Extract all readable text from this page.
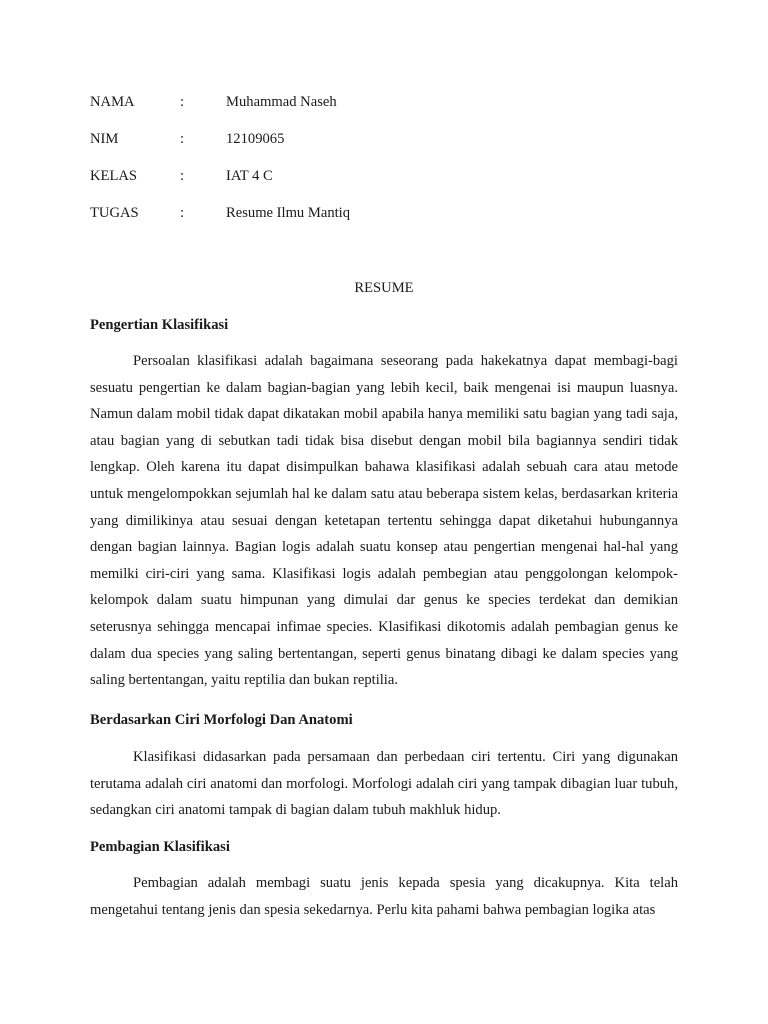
NAMA	:	Muhammad Naseh
NIM	:	12109065
KELAS	:	IAT 4 C
TUGAS	:	Resume Ilmu Mantiq
RESUME
Pengertian Klasifikasi

Persoalan klasifikasi adalah bagaimana seseorang pada hakekatnya dapat membagi-bagi sesuatu pengertian ke dalam bagian-bagian yang lebih kecil, baik mengenai isi maupun luasnya. Namun dalam mobil tidak dapat dikatakan mobil apabila hanya memiliki satu bagian yang tadi saja, atau bagian yang di sebutkan tadi tidak bisa disebut dengan mobil bila bagiannya sendiri tidak lengkap. Oleh karena itu dapat disimpulkan bahawa klasifikasi adalah sebuah cara atau metode untuk mengelompokkan sejumlah hal ke dalam satu atau beberapa sistem kelas, berdasarkan kriteria yang dimilikinya atau sesuai dengan ketetapan tertentu sehingga dapat diketahui hubungannya dengan bagian lainnya. Bagian logis adalah suatu konsep atau pengertian mengenai hal-hal yang memilki ciri-ciri yang sama. Klasifikasi logis adalah pembegian atau penggolongan kelompok-kelompok dalam suatu himpunan yang dimulai dar genus ke species terdekat dan demikian seterusnya sehingga mencapai infimae species. Klasifikasi dikotomis adalah pembagian genus ke dalam dua species yang saling bertentangan, seperti genus binatang dibagi ke dalam species yang saling bertentangan, yaitu reptilia dan bukan reptilia.

Berdasarkan Ciri Morfologi Dan Anatomi

Klasifikasi didasarkan pada persamaan dan perbedaan ciri tertentu. Ciri yang digunakan terutama adalah ciri anatomi dan morfologi. Morfologi adalah ciri yang tampak dibagian luar tubuh, sedangkan ciri anatomi tampak di bagian dalam tubuh makhluk hidup.

Pembagian Klasifikasi

Pembagian adalah membagi suatu jenis kepada spesia yang dicakupnya. Kita telah mengetahui tentang jenis dan spesia sekedarnya. Perlu kita pahami bahwa pembagian logika atas
